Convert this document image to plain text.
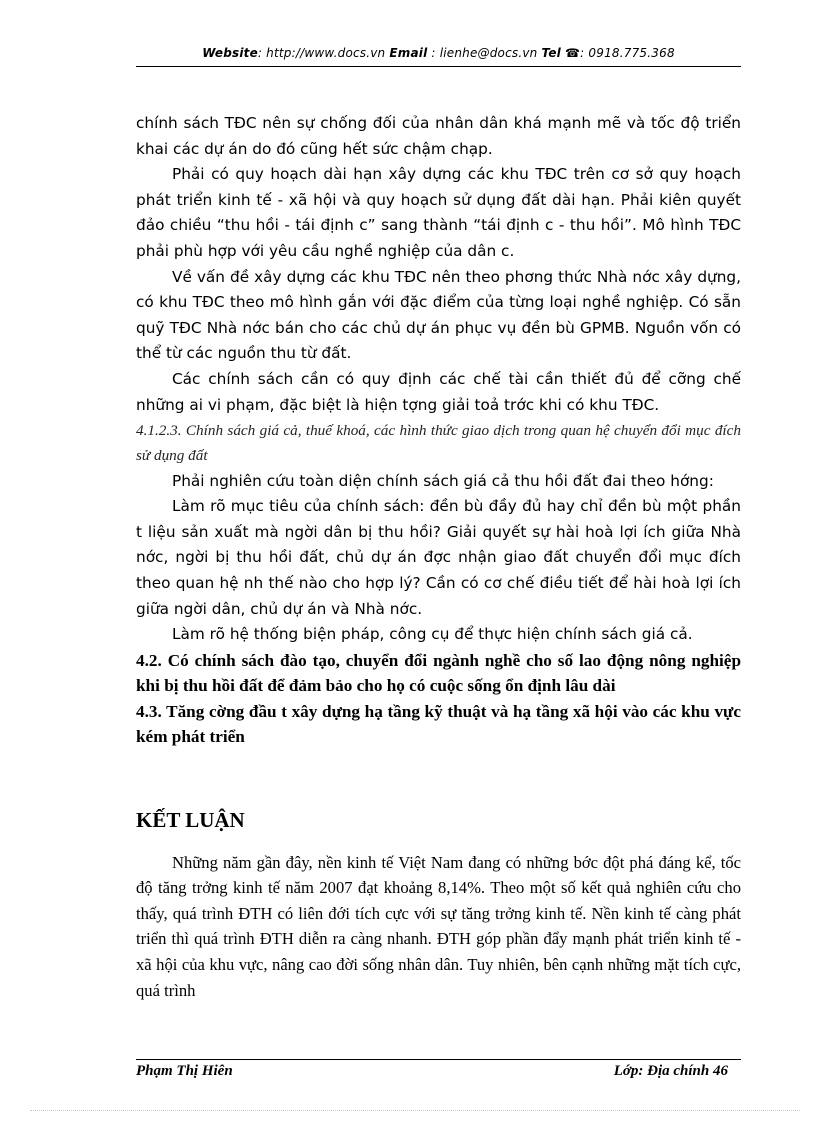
Website: http://www.docs.vn Email : lienhe@docs.vn Tel ☎: 0918.775.368

chính sách TĐC nên sự chống đối của nhân dân khá mạnh mẽ và tốc độ triển khai các dự án do đó cũng hết sức chậm chạp.

Phải có quy hoạch dài hạn xây dựng các khu TĐC trên cơ sở quy hoạch phát triển kinh tế - xã hội và quy hoạch sử dụng đất dài hạn. Phải kiên quyết đảo chiều “thu hồi - tái định c” sang thành “tái định c - thu hồi”. Mô hình TĐC phải phù hợp với yêu cầu nghề nghiệp của dân c.

Về vấn đề xây dựng các khu TĐC nên theo phơng thức Nhà nớc xây dựng, có khu TĐC theo mô hình gắn với đặc điểm của từng loại nghề nghiệp. Có sẵn quỹ TĐC Nhà nớc bán cho các chủ dự án phục vụ đền bù GPMB. Nguồn vốn có thể từ các nguồn thu từ đất.

Các chính sách cần có quy định các chế tài cần thiết đủ để cỡng chế những ai vi phạm, đặc biệt là hiện tợng giải toả trớc khi có khu TĐC.

4.1.2.3. Chính sách giá cả, thuế khoá, các hình thức giao dịch trong quan hệ chuyển đổi mục đích sử dụng đất

Phải nghiên cứu toàn diện chính sách giá cả thu hồi đất đai theo hớng:

Làm rõ mục tiêu của chính sách: đền bù đầy đủ hay chỉ đền bù một phần t liệu sản xuất mà ngời dân bị thu hồi? Giải quyết sự hài hoà lợi ích giữa Nhà nớc, ngời bị thu hồi đất, chủ dự án đợc nhận giao đất chuyển đổi mục đích theo quan hệ nh thế nào cho hợp lý? Cần có cơ chế điều tiết để hài hoà lợi ích giữa ngời dân, chủ dự án và Nhà nớc.

Làm rõ hệ thống biện pháp, công cụ để thực hiện chính sách giá cả.

4.2. Có chính sách đào tạo, chuyển đổi ngành nghề cho số lao động nông nghiệp khi bị thu hồi đất để đảm bảo cho họ có cuộc sống ổn định lâu dài

4.3. Tăng cờng đầu t xây dựng hạ tầng kỹ thuật và hạ tầng xã hội vào các khu vực kém phát triển

KẾT LUẬN

Những năm gần đây, nền kinh tế Việt Nam đang có những bớc đột phá đáng kể, tốc độ tăng trởng kinh tế năm 2007 đạt khoảng 8,14%. Theo một số kết quả nghiên cứu cho thấy, quá trình ĐTH có liên đới tích cực với sự tăng trởng kinh tế. Nền kinh tế càng phát triển thì quá trình ĐTH diễn ra càng nhanh. ĐTH góp phần đẩy mạnh phát triển kinh tế - xã hội của khu vực, nâng cao đời sống nhân dân. Tuy nhiên, bên cạnh những mặt tích cực, quá trình

Phạm Thị Hiên	Lớp: Địa chính 46
